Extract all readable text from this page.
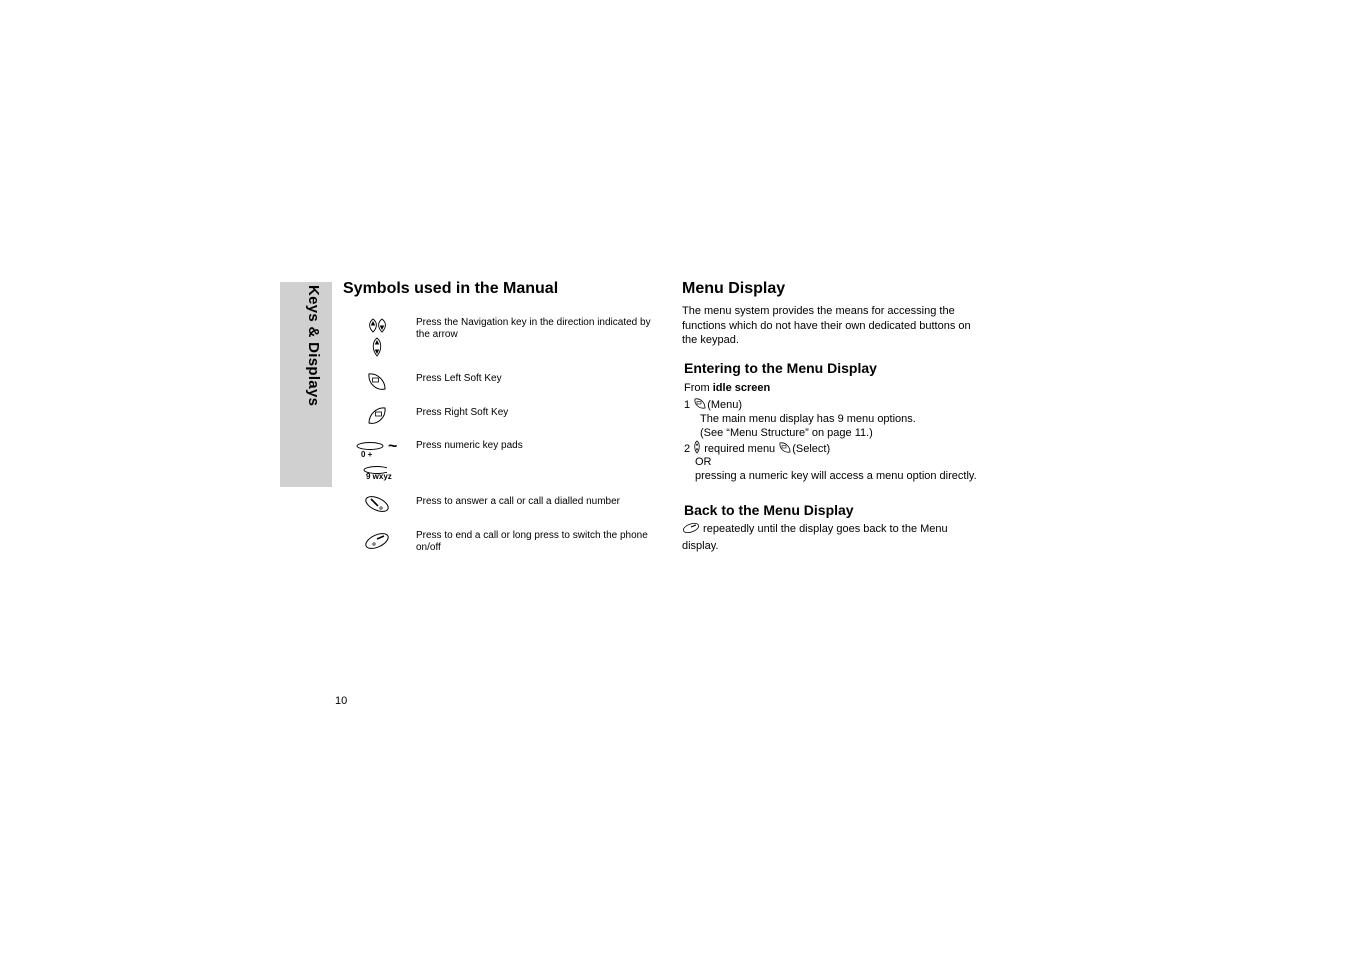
Keys & Displays Symbols used in the Manual
Press the Navigation key in the direction indicated by the arrow
Press Left Soft Key
Press Right Soft Key
0 +
9 wxyz
~ Press numeric key pads
Press to answer a call or call a dialled number
Press to end a call or long press to switch the phone on/off
Menu Display
The menu system provides the means for accessing the functions which do not have their own dedicated buttons on the keypad.
Entering to the Menu Display
From idle screen
1 (Menu)
The main menu display has 9 menu options.
(See “Menu Structure” on page 11.)
2  required menu (Select)
OR
pressing a numeric key will access a menu option directly.
Back to the Menu Display
repeatedly until the display goes back to the Menu display.
10
